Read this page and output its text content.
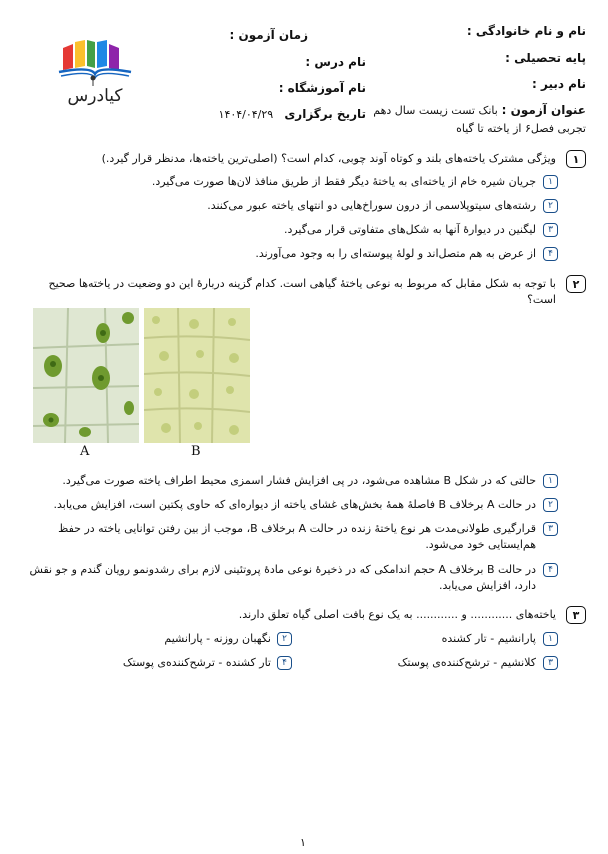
نام و نام خانوادگی :
زمان آزمون :
پایه تحصیلی :
نام درس :
نام دبیر :
نام آموزشگاه :
عنوان آزمون : بانک تست زیست سال دهم
تاریخ برگزاری ۱۴۰۴/۰۴/۲۹
تجربی فصل۶ از یاخته تا گیاه
کیادرس
۱
ویژگی مشترک یاخته‌های بلند و کوتاه آوند چوبی، کدام است؟ (اصلی‌ترین یاخته‌ها، مدنظر قرار گیرد.)
۱
جریان شیره خام از یاخته‌ای به یاختهٔ دیگر فقط از طریق منافذ لان‌ها صورت می‌گیرد.
۲
رشته‌های سیتوپلاسمی از درون سوراخ‌هایی دو انتهای یاخته عبور می‌کنند.
۳
لیگنین در دیوارهٔ آنها به شکل‌های متفاوتی قرار می‌گیرد.
۴
از عرض به هم متصل‌اند و لولهٔ پیوسته‌ای را به وجود می‌آورند.
۲
با توجه به شکل مقابل که مربوط به نوعی یاختهٔ گیاهی است. کدام گزینه دربارهٔ این دو وضعیت در یاخته‌ها صحیح
است؟
A	B
۱
حالتی که در شکل B مشاهده می‌شود، در پی افزایش فشار اسمزی محیط اطراف یاخته صورت می‌گیرد.
۲
در حالت A برخلاف B فاصلهٔ همهٔ بخش‌های غشای یاخته از دیواره‌ای که حاوی پکتین است، افزایش می‌یابد.
۳
قرارگیری طولانی‌مدت هر نوع یاختهٔ زنده در حالت A برخلاف B، موجب از بین رفتن توانایی یاخته در حفظ
هم‌ایستایی خود می‌شود.
۴
در حالت B برخلاف A حجم اندامکی که در ذخیرهٔ نوعی مادهٔ پروتئینی لازم برای رشدونمو رویان گندم و جو نقش
دارد، افزایش می‌یابد.
۳
یاخته‌های ............ و ............ به یک نوع بافت اصلی گیاه تعلق دارند.
۱
پارانشیم - تار کشنده
۲
نگهبان روزنه - پارانشیم
۳
کلانشیم - ترشح‌کننده‌ی پوستک
۴
تار کشنده - ترشح‌کننده‌ی پوستک
۱
